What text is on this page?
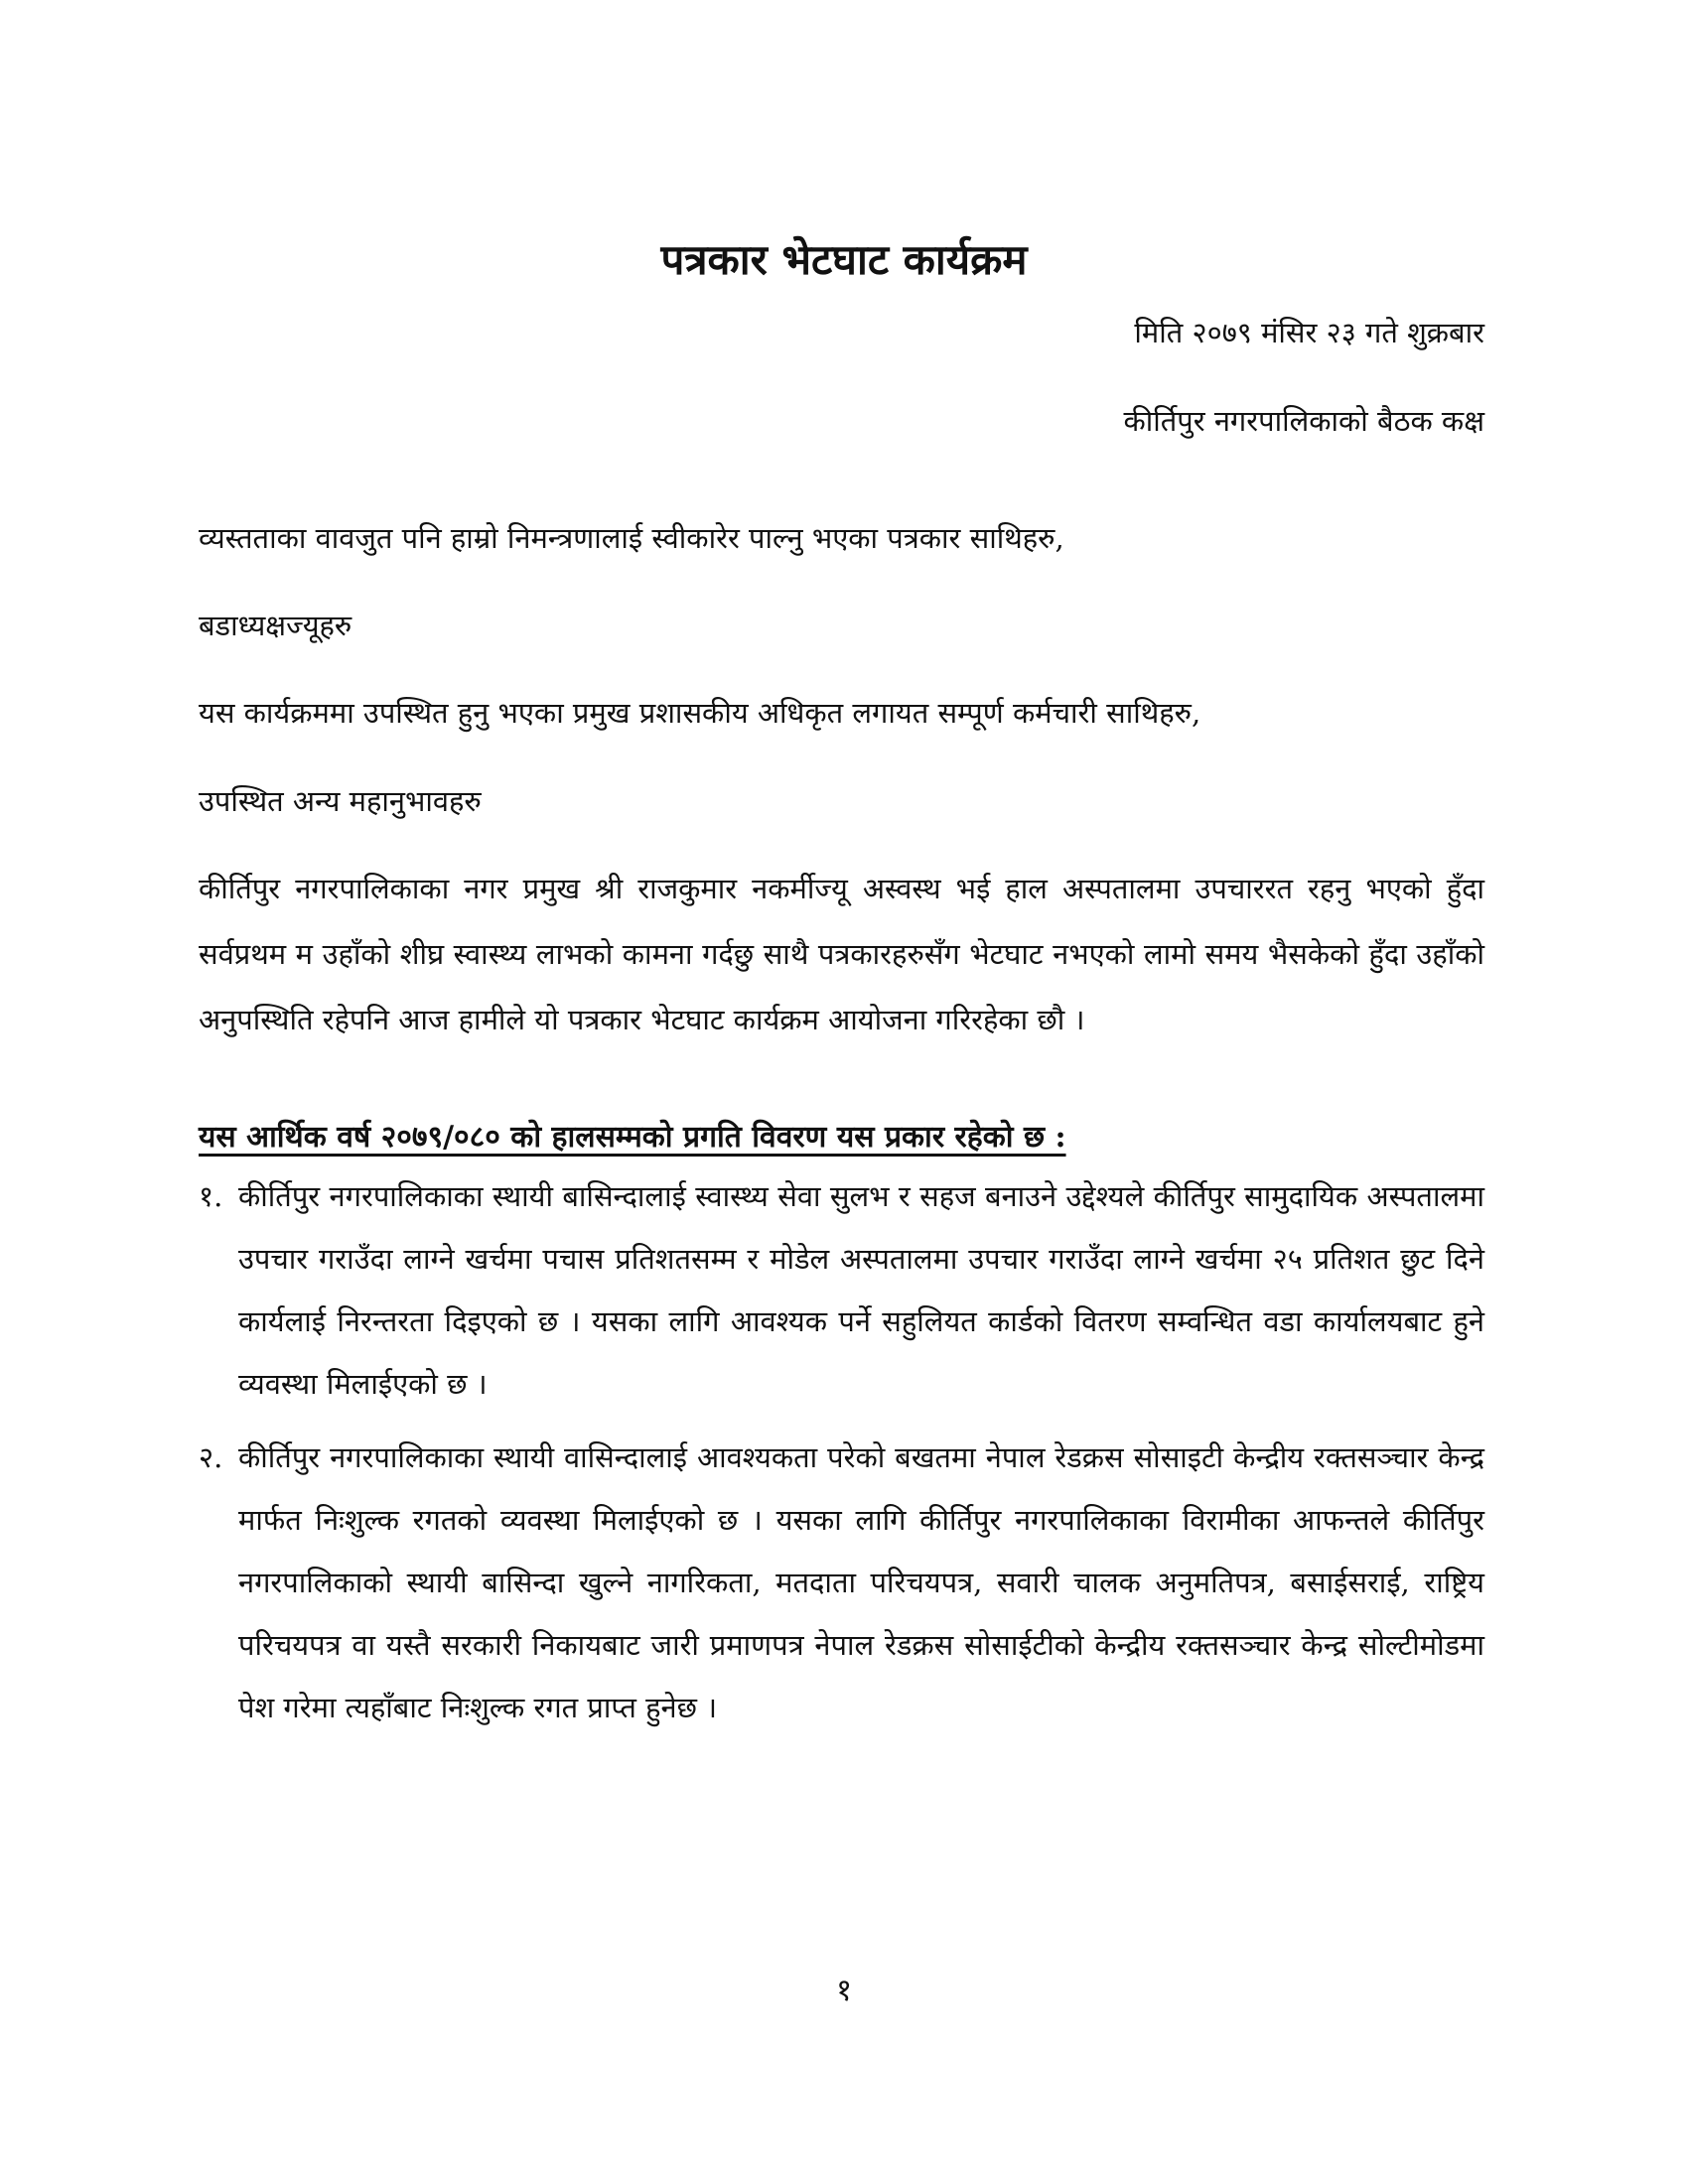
पत्रकार भेटघाट कार्यक्रम
मिति २०७९ मंसिर २३ गते शुक्रबार
कीर्तिपुर नगरपालिकाको बैठक कक्ष

व्यस्तताका वावजुत पनि हाम्रो निमन्त्रणालाई स्वीकारेर पाल्नु भएका पत्रकार साथिहरु,

बडाध्यक्षज्यूहरु

यस कार्यक्रममा उपस्थित हुनु भएका प्रमुख प्रशासकीय अधिकृत लगायत सम्पूर्ण कर्मचारी साथिहरु,

उपस्थित अन्य महानुभावहरु

कीर्तिपुर नगरपालिकाका नगर प्रमुख श्री राजकुमार नकर्मीज्यू अस्वस्थ भई हाल अस्पतालमा उपचाररत रहनु भएको हुँदा सर्वप्रथम म उहाँको शीघ्र स्वास्थ्य लाभको कामना गर्दछु साथै पत्रकारहरुसँग भेटघाट नभएको लामो समय भैसकेको हुँदा उहाँको अनुपस्थिति रहेपनि आज हामीले यो पत्रकार भेटघाट कार्यक्रम आयोजना गरिरहेका छौ ।

यस आर्थिक वर्ष २०७९/०८० को हालसम्मको प्रगति विवरण यस प्रकार रहेको छ :
१. कीर्तिपुर नगरपालिकाका स्थायी बासिन्दालाई स्वास्थ्य सेवा सुलभ र सहज बनाउने उद्देश्यले कीर्तिपुर सामुदायिक अस्पतालमा उपचार गराउँदा लाग्ने खर्चमा पचास प्रतिशतसम्म र मोडेल अस्पतालमा उपचार गराउँदा लाग्ने खर्चमा २५ प्रतिशत छुट दिने कार्यलाई निरन्तरता दिइएको छ । यसका लागि आवश्यक पर्ने सहुलियत कार्डको वितरण सम्वन्धित वडा कार्यालयबाट हुने व्यवस्था मिलाईएको छ ।
२. कीर्तिपुर नगरपालिकाका स्थायी वासिन्दालाई आवश्यकता परेको बखतमा नेपाल रेडक्रस सोसाइटी केन्द्रीय रक्तसञ्चार केन्द्र मार्फत निःशुल्क रगतको व्यवस्था मिलाईएको छ । यसका लागि कीर्तिपुर नगरपालिकाका विरामीका आफन्तले कीर्तिपुर नगरपालिकाको स्थायी बासिन्दा खुल्ने नागरिकता, मतदाता परिचयपत्र, सवारी चालक अनुमतिपत्र, बसाईसराई, राष्ट्रिय परिचयपत्र वा यस्तै सरकारी निकायबाट जारी प्रमाणपत्र नेपाल रेडक्रस सोसाईटीको केन्द्रीय रक्तसञ्चार केन्द्र सोल्टीमोडमा पेश गरेमा त्यहाँबाट निःशुल्क रगत प्राप्त हुनेछ ।
१
